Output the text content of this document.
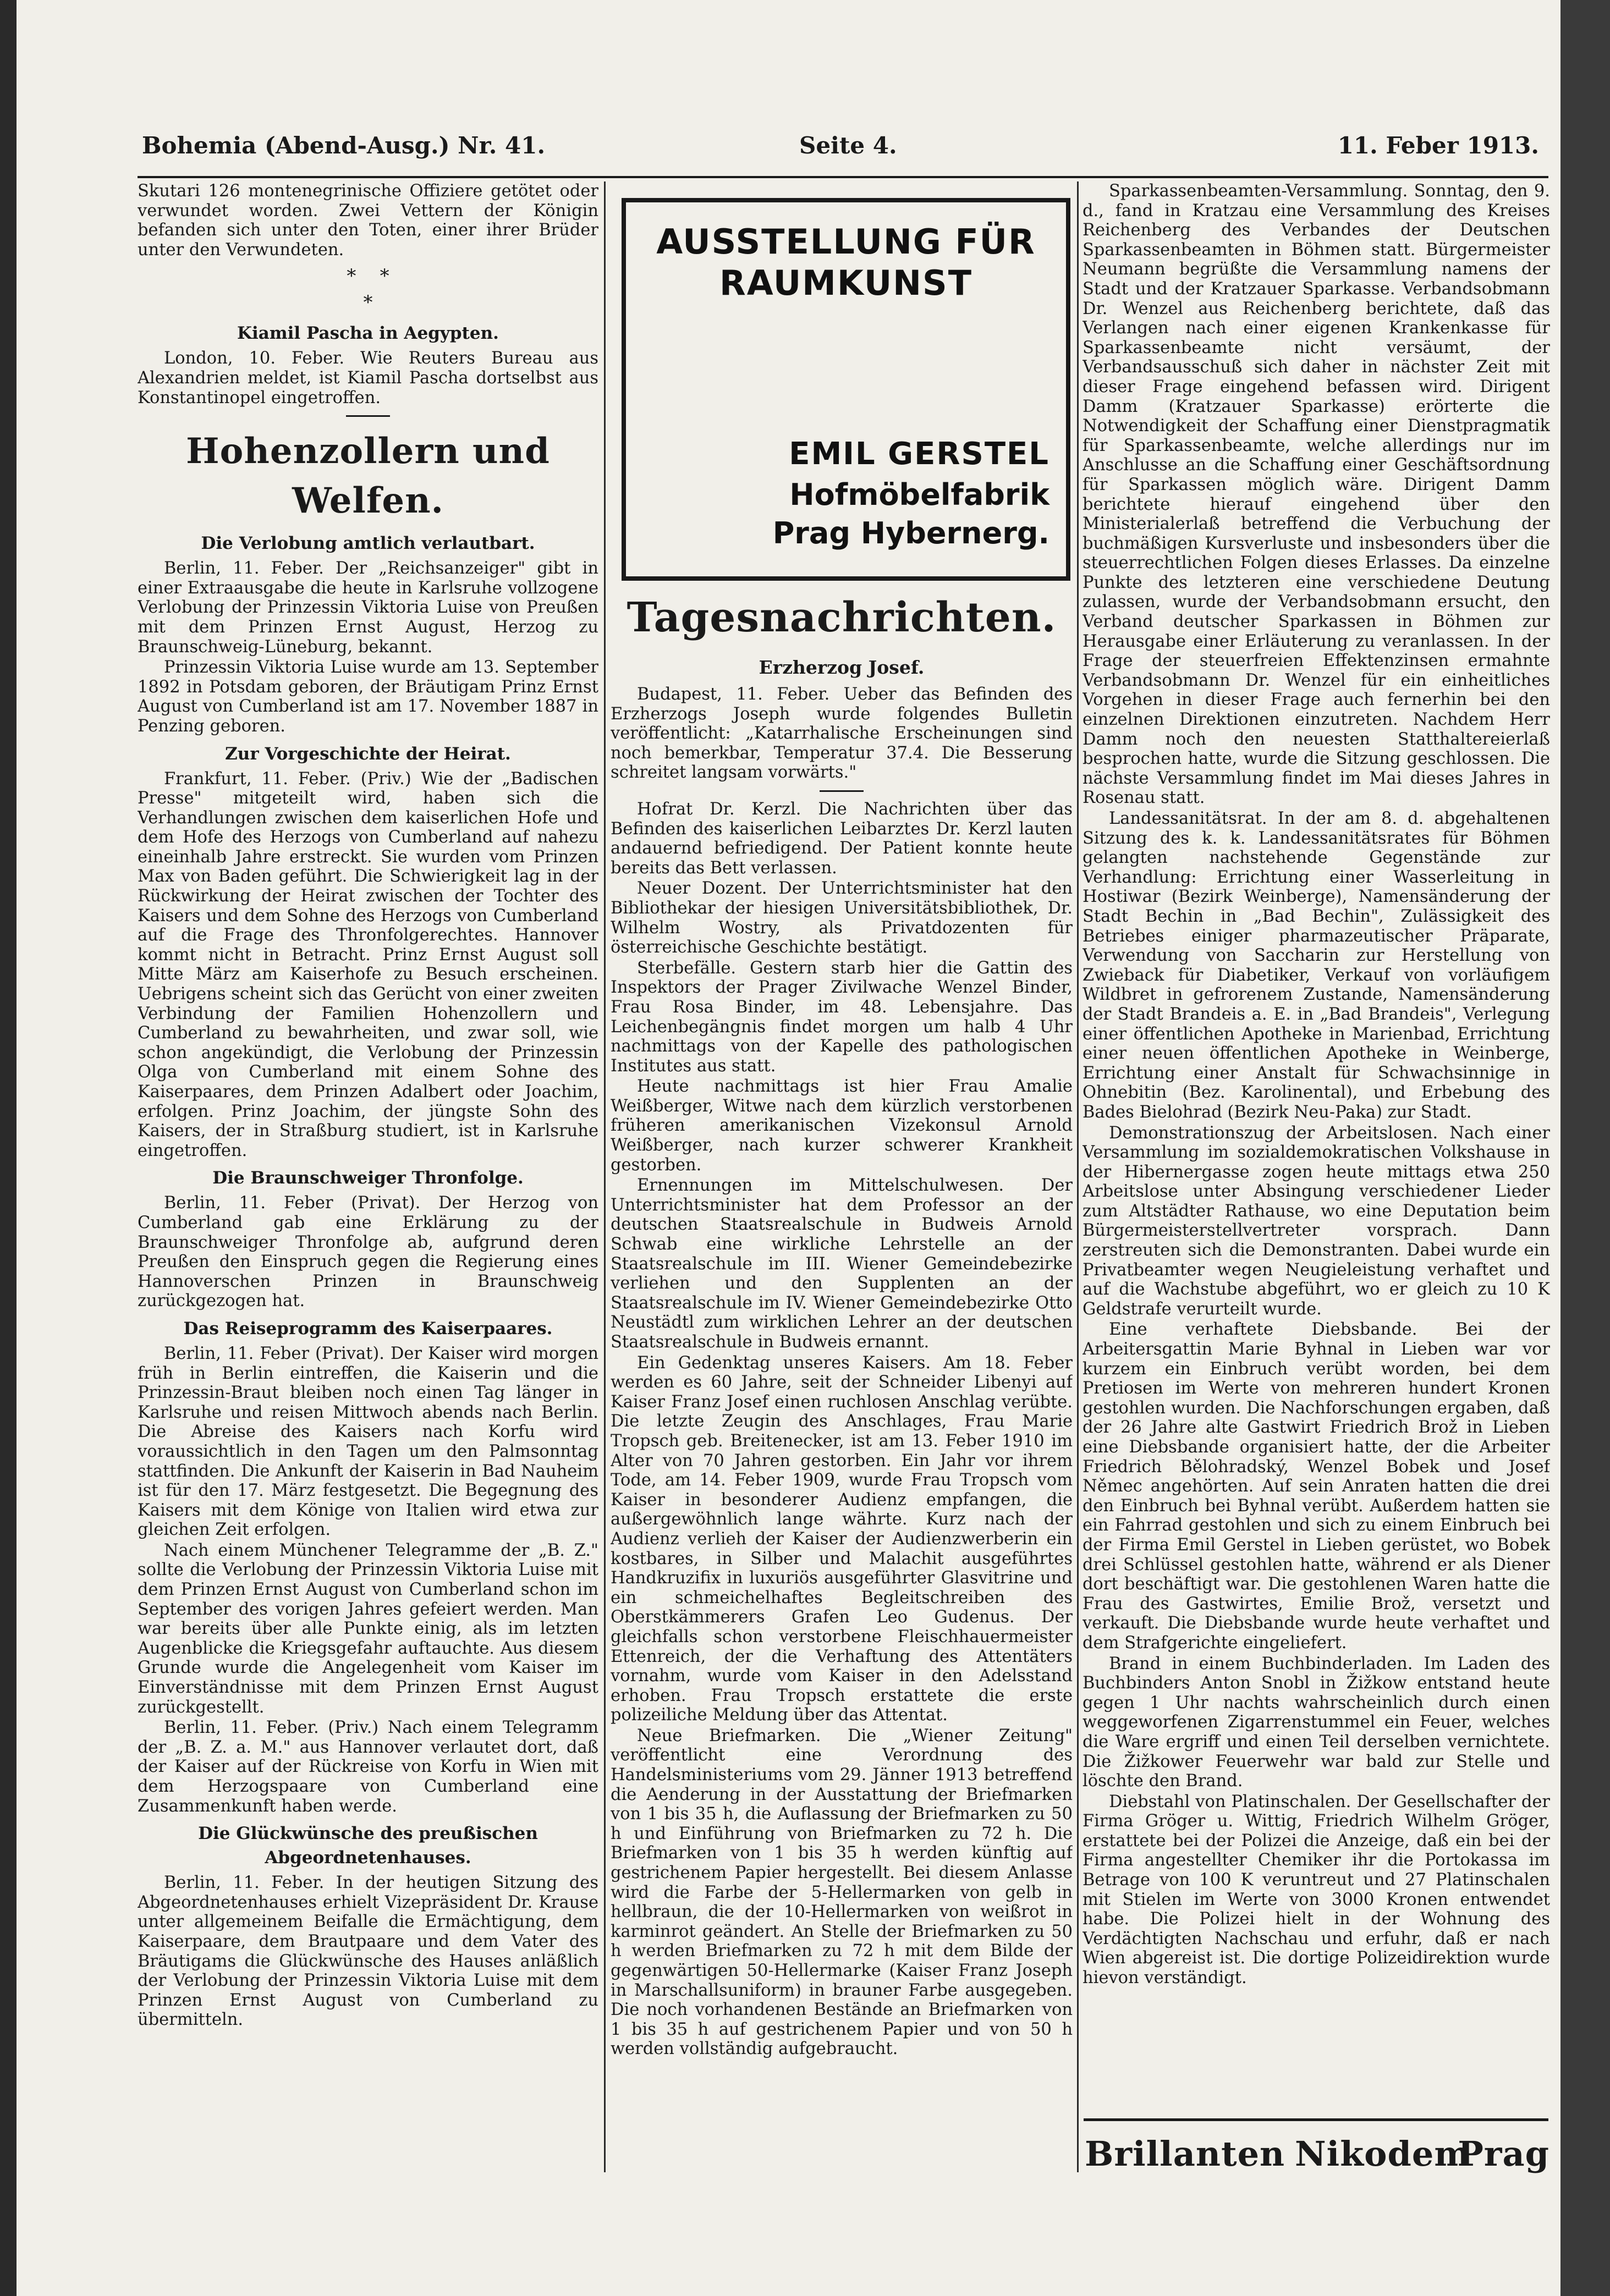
Bohemia (Abend-Ausg.) Nr. 41.	Seite 4.	11. Feber 1913.

Skutari 126 montenegrinische Offiziere getötet oder verwundet worden. Zwei Vettern der Königin befanden sich unter den Toten, einer ihrer Brüder unter den Verwundeten.

*    *
*
Kiamil Pascha in Aegypten.

London, 10. Feber. Wie Reuters Bureau aus Alexandrien meldet, ist Kiamil Pascha dortselbst aus Konstantinopel eingetroffen.

Hohenzollern und Welfen.
Die Verlobung amtlich verlautbart.

Berlin, 11. Feber. Der „Reichsanzeiger" gibt in einer Extraausgabe die heute in Karlsruhe vollzogene Verlobung der Prinzessin Viktoria Luise von Preußen mit dem Prinzen Ernst August, Herzog zu Braunschweig-Lüneburg, bekannt.

Prinzessin Viktoria Luise wurde am 13. September 1892 in Potsdam geboren, der Bräutigam Prinz Ernst August von Cumberland ist am 17. November 1887 in Penzing geboren.

Zur Vorgeschichte der Heirat.

Frankfurt, 11. Feber. (Priv.) Wie der „Badischen Presse" mitgeteilt wird, haben sich die Verhandlungen zwischen dem kaiserlichen Hofe und dem Hofe des Herzogs von Cumberland auf nahezu eineinhalb Jahre erstreckt. Sie wurden vom Prinzen Max von Baden geführt. Die Schwierigkeit lag in der Rückwirkung der Heirat zwischen der Tochter des Kaisers und dem Sohne des Herzogs von Cumberland auf die Frage des Thronfolgerechtes. Hannover kommt nicht in Betracht. Prinz Ernst August soll Mitte März am Kaiserhofe zu Besuch erscheinen. Uebrigens scheint sich das Gerücht von einer zweiten Verbindung der Familien Hohenzollern und Cumberland zu bewahrheiten, und zwar soll, wie schon angekündigt, die Verlobung der Prinzessin Olga von Cumberland mit einem Sohne des Kaiserpaares, dem Prinzen Adalbert oder Joachim, erfolgen. Prinz Joachim, der jüngste Sohn des Kaisers, der in Straßburg studiert, ist in Karlsruhe eingetroffen.

Die Braunschweiger Thronfolge.

Berlin, 11. Feber (Privat). Der Herzog von Cumberland gab eine Erklärung zu der Braunschweiger Thronfolge ab, aufgrund deren Preußen den Einspruch gegen die Regierung eines Hannoverschen Prinzen in Braunschweig zurückgezogen hat.

Das Reiseprogramm des Kaiserpaares.

Berlin, 11. Feber (Privat). Der Kaiser wird morgen früh in Berlin eintreffen, die Kaiserin und die Prinzessin-Braut bleiben noch einen Tag länger in Karlsruhe und reisen Mittwoch abends nach Berlin. Die Abreise des Kaisers nach Korfu wird voraussichtlich in den Tagen um den Palmsonntag stattfinden. Die Ankunft der Kaiserin in Bad Nauheim ist für den 17. März festgesetzt. Die Begegnung des Kaisers mit dem Könige von Italien wird etwa zur gleichen Zeit erfolgen.

Nach einem Münchener Telegramme der „B. Z." sollte die Verlobung der Prinzessin Viktoria Luise mit dem Prinzen Ernst August von Cumberland schon im September des vorigen Jahres gefeiert werden. Man war bereits über alle Punkte einig, als im letzten Augenblicke die Kriegsgefahr auftauchte. Aus diesem Grunde wurde die Angelegenheit vom Kaiser im Einverständnisse mit dem Prinzen Ernst August zurückgestellt.

Berlin, 11. Feber. (Priv.) Nach einem Telegramm der „B. Z. a. M." aus Hannover verlautet dort, daß der Kaiser auf der Rückreise von Korfu in Wien mit dem Herzogspaare von Cumberland eine Zusammenkunft haben werde.

Die Glückwünsche des preußischen Abgeordnetenhauses.

Berlin, 11. Feber. In der heutigen Sitzung des Abgeordnetenhauses erhielt Vizepräsident Dr. Krause unter allgemeinem Beifalle die Ermächtigung, dem Kaiserpaare, dem Brautpaare und dem Vater des Bräutigams die Glückwünsche des Hauses anläßlich der Verlobung der Prinzessin Viktoria Luise mit dem Prinzen Ernst August von Cumberland zu übermitteln.

AUSSTELLUNG FÜR
RAUMKUNST
EMIL GERSTEL
Hofmöbelfabrik
Prag Hybernerg.
Tagesnachrichten.
Erzherzog Josef.

Budapest, 11. Feber. Ueber das Befinden des Erzherzogs Joseph wurde folgendes Bulletin veröffentlicht: „Katarrhalische Erscheinungen sind noch bemerkbar, Temperatur 37.4. Die Besserung schreitet langsam vorwärts."

Hofrat Dr. Kerzl. Die Nachrichten über das Befinden des kaiserlichen Leibarztes Dr. Kerzl lauten andauernd befriedigend. Der Patient konnte heute bereits das Bett verlassen.

Neuer Dozent. Der Unterrichtsminister hat den Bibliothekar der hiesigen Universitätsbibliothek, Dr. Wilhelm Wostry, als Privatdozenten für österreichische Geschichte bestätigt.

Sterbefälle. Gestern starb hier die Gattin des Inspektors der Prager Zivilwache Wenzel Binder, Frau Rosa Binder, im 48. Lebensjahre. Das Leichenbegängnis findet morgen um halb 4 Uhr nachmittags von der Kapelle des pathologischen Institutes aus statt.

Heute nachmittags ist hier Frau Amalie Weißberger, Witwe nach dem kürzlich verstorbenen früheren amerikanischen Vizekonsul Arnold Weißberger, nach kurzer schwerer Krankheit gestorben.

Ernennungen im Mittelschulwesen. Der Unterrichtsminister hat dem Professor an der deutschen Staatsrealschule in Budweis Arnold Schwab eine wirkliche Lehrstelle an der Staatsrealschule im III. Wiener Gemeindebezirke verliehen und den Supplenten an der Staatsrealschule im IV. Wiener Gemeindebezirke Otto Neustädtl zum wirklichen Lehrer an der deutschen Staatsrealschule in Budweis ernannt.

Ein Gedenktag unseres Kaisers. Am 18. Feber werden es 60 Jahre, seit der Schneider Libenyi auf Kaiser Franz Josef einen ruchlosen Anschlag verübte. Die letzte Zeugin des Anschlages, Frau Marie Tropsch geb. Breitenecker, ist am 13. Feber 1910 im Alter von 70 Jahren gestorben. Ein Jahr vor ihrem Tode, am 14. Feber 1909, wurde Frau Tropsch vom Kaiser in besonderer Audienz empfangen, die außergewöhnlich lange währte. Kurz nach der Audienz verlieh der Kaiser der Audienzwerberin ein kostbares, in Silber und Malachit ausgeführtes Handkruzifix in luxuriös ausgeführter Glasvitrine und ein schmeichelhaftes Begleitschreiben des Oberstkämmerers Grafen Leo Gudenus. Der gleichfalls schon verstorbene Fleischhauermeister Ettenreich, der die Verhaftung des Attentäters vornahm, wurde vom Kaiser in den Adelsstand erhoben. Frau Tropsch erstattete die erste polizeiliche Meldung über das Attentat.

Neue Briefmarken. Die „Wiener Zeitung" veröffentlicht eine Verordnung des Handelsministeriums vom 29. Jänner 1913 betreffend die Aenderung in der Ausstattung der Briefmarken von 1 bis 35 h, die Auflassung der Briefmarken zu 50 h und Einführung von Briefmarken zu 72 h. Die Briefmarken von 1 bis 35 h werden künftig auf gestrichenem Papier hergestellt. Bei diesem Anlasse wird die Farbe der 5-Hellermarken von gelb in hellbraun, die der 10-Hellermarken von weißrot in karminrot geändert. An Stelle der Briefmarken zu 50 h werden Briefmarken zu 72 h mit dem Bilde der gegenwärtigen 50-Hellermarke (Kaiser Franz Joseph in Marschallsuniform) in brauner Farbe ausgegeben. Die noch vorhandenen Bestände an Briefmarken von 1 bis 35 h auf gestrichenem Papier und von 50 h werden vollständig aufgebraucht.

Sparkassenbeamten-Versammlung. Sonntag, den 9. d., fand in Kratzau eine Versammlung des Kreises Reichenberg des Verbandes der Deutschen Sparkassenbeamten in Böhmen statt. Bürgermeister Neumann begrüßte die Versammlung namens der Stadt und der Kratzauer Sparkasse. Verbandsobmann Dr. Wenzel aus Reichenberg berichtete, daß das Verlangen nach einer eigenen Krankenkasse für Sparkassenbeamte nicht versäumt, der Verbandsausschuß sich daher in nächster Zeit mit dieser Frage eingehend befassen wird. Dirigent Damm (Kratzauer Sparkasse) erörterte die Notwendigkeit der Schaffung einer Dienstpragmatik für Sparkassenbeamte, welche allerdings nur im Anschlusse an die Schaffung einer Geschäftsordnung für Sparkassen möglich wäre. Dirigent Damm berichtete hierauf eingehend über den Ministerialerlaß betreffend die Verbuchung der buchmäßigen Kursverluste und insbesonders über die steuerrechtlichen Folgen dieses Erlasses. Da einzelne Punkte des letzteren eine verschiedene Deutung zulassen, wurde der Verbandsobmann ersucht, den Verband deutscher Sparkassen in Böhmen zur Herausgabe einer Erläuterung zu veranlassen. In der Frage der steuerfreien Effektenzinsen ermahnte Verbandsobmann Dr. Wenzel für ein einheitliches Vorgehen in dieser Frage auch fernerhin bei den einzelnen Direktionen einzutreten. Nachdem Herr Damm noch den neuesten Statthaltereierlaß besprochen hatte, wurde die Sitzung geschlossen. Die nächste Versammlung findet im Mai dieses Jahres in Rosenau statt.

Landessanitätsrat. In der am 8. d. abgehaltenen Sitzung des k. k. Landessanitätsrates für Böhmen gelangten nachstehende Gegenstände zur Verhandlung: Errichtung einer Wasserleitung in Hostiwar (Bezirk Weinberge), Namensänderung der Stadt Bechin in „Bad Bechin", Zulässigkeit des Betriebes einiger pharmazeutischer Präparate, Verwendung von Saccharin zur Herstellung von Zwieback für Diabetiker, Verkauf von vorläufigem Wildbret in gefrorenem Zustande, Namensänderung der Stadt Brandeis a. E. in „Bad Brandeis", Verlegung einer öffentlichen Apotheke in Marienbad, Errichtung einer neuen öffentlichen Apotheke in Weinberge, Errichtung einer Anstalt für Schwachsinnige in Ohnebitin (Bez. Karolinental), und Erbebung des Bades Bielohrad (Bezirk Neu-Paka) zur Stadt.

Demonstrationszug der Arbeitslosen. Nach einer Versammlung im sozialdemokratischen Volkshause in der Hibernergasse zogen heute mittags etwa 250 Arbeitslose unter Absingung verschiedener Lieder zum Altstädter Rathause, wo eine Deputation beim Bürgermeisterstellvertreter vorsprach. Dann zerstreuten sich die Demonstranten. Dabei wurde ein Privatbeamter wegen Neugieleistung verhaftet und auf die Wachstube abgeführt, wo er gleich zu 10 K Geldstrafe verurteilt wurde.

Eine verhaftete Diebsbande. Bei der Arbeitersgattin Marie Byhnal in Lieben war vor kurzem ein Einbruch verübt worden, bei dem Pretiosen im Werte von mehreren hundert Kronen gestohlen wurden. Die Nachforschungen ergaben, daß der 26 Jahre alte Gastwirt Friedrich Brož in Lieben eine Diebsbande organisiert hatte, der die Arbeiter Friedrich Bělohradský, Wenzel Bobek und Josef Němec angehörten. Auf sein Anraten hatten die drei den Einbruch bei Byhnal verübt. Außerdem hatten sie ein Fahrrad gestohlen und sich zu einem Einbruch bei der Firma Emil Gerstel in Lieben gerüstet, wo Bobek drei Schlüssel gestohlen hatte, während er als Diener dort beschäftigt war. Die gestohlenen Waren hatte die Frau des Gastwirtes, Emilie Brož, versetzt und verkauft. Die Diebsbande wurde heute verhaftet und dem Strafgerichte eingeliefert.

Brand in einem Buchbinderladen. Im Laden des Buchbinders Anton Snobl in Žižkow entstand heute gegen 1 Uhr nachts wahrscheinlich durch einen weggeworfenen Zigarrenstummel ein Feuer, welches die Ware ergriff und einen Teil derselben vernichtete. Die Žižkower Feuerwehr war bald zur Stelle und löschte den Brand.

Diebstahl von Platinschalen. Der Gesellschafter der Firma Gröger u. Wittig, Friedrich Wilhelm Gröger, erstattete bei der Polizei die Anzeige, daß ein bei der Firma angestellter Chemiker ihr die Portokassa im Betrage von 100 K veruntreut und 27 Platinschalen mit Stielen im Werte von 3000 Kronen entwendet habe. Die Polizei hielt in der Wohnung des Verdächtigten Nachschau und erfuhr, daß er nach Wien abgereist ist. Die dortige Polizeidirektion wurde hievon verständigt.

Brillanten Nikodem
Prag
